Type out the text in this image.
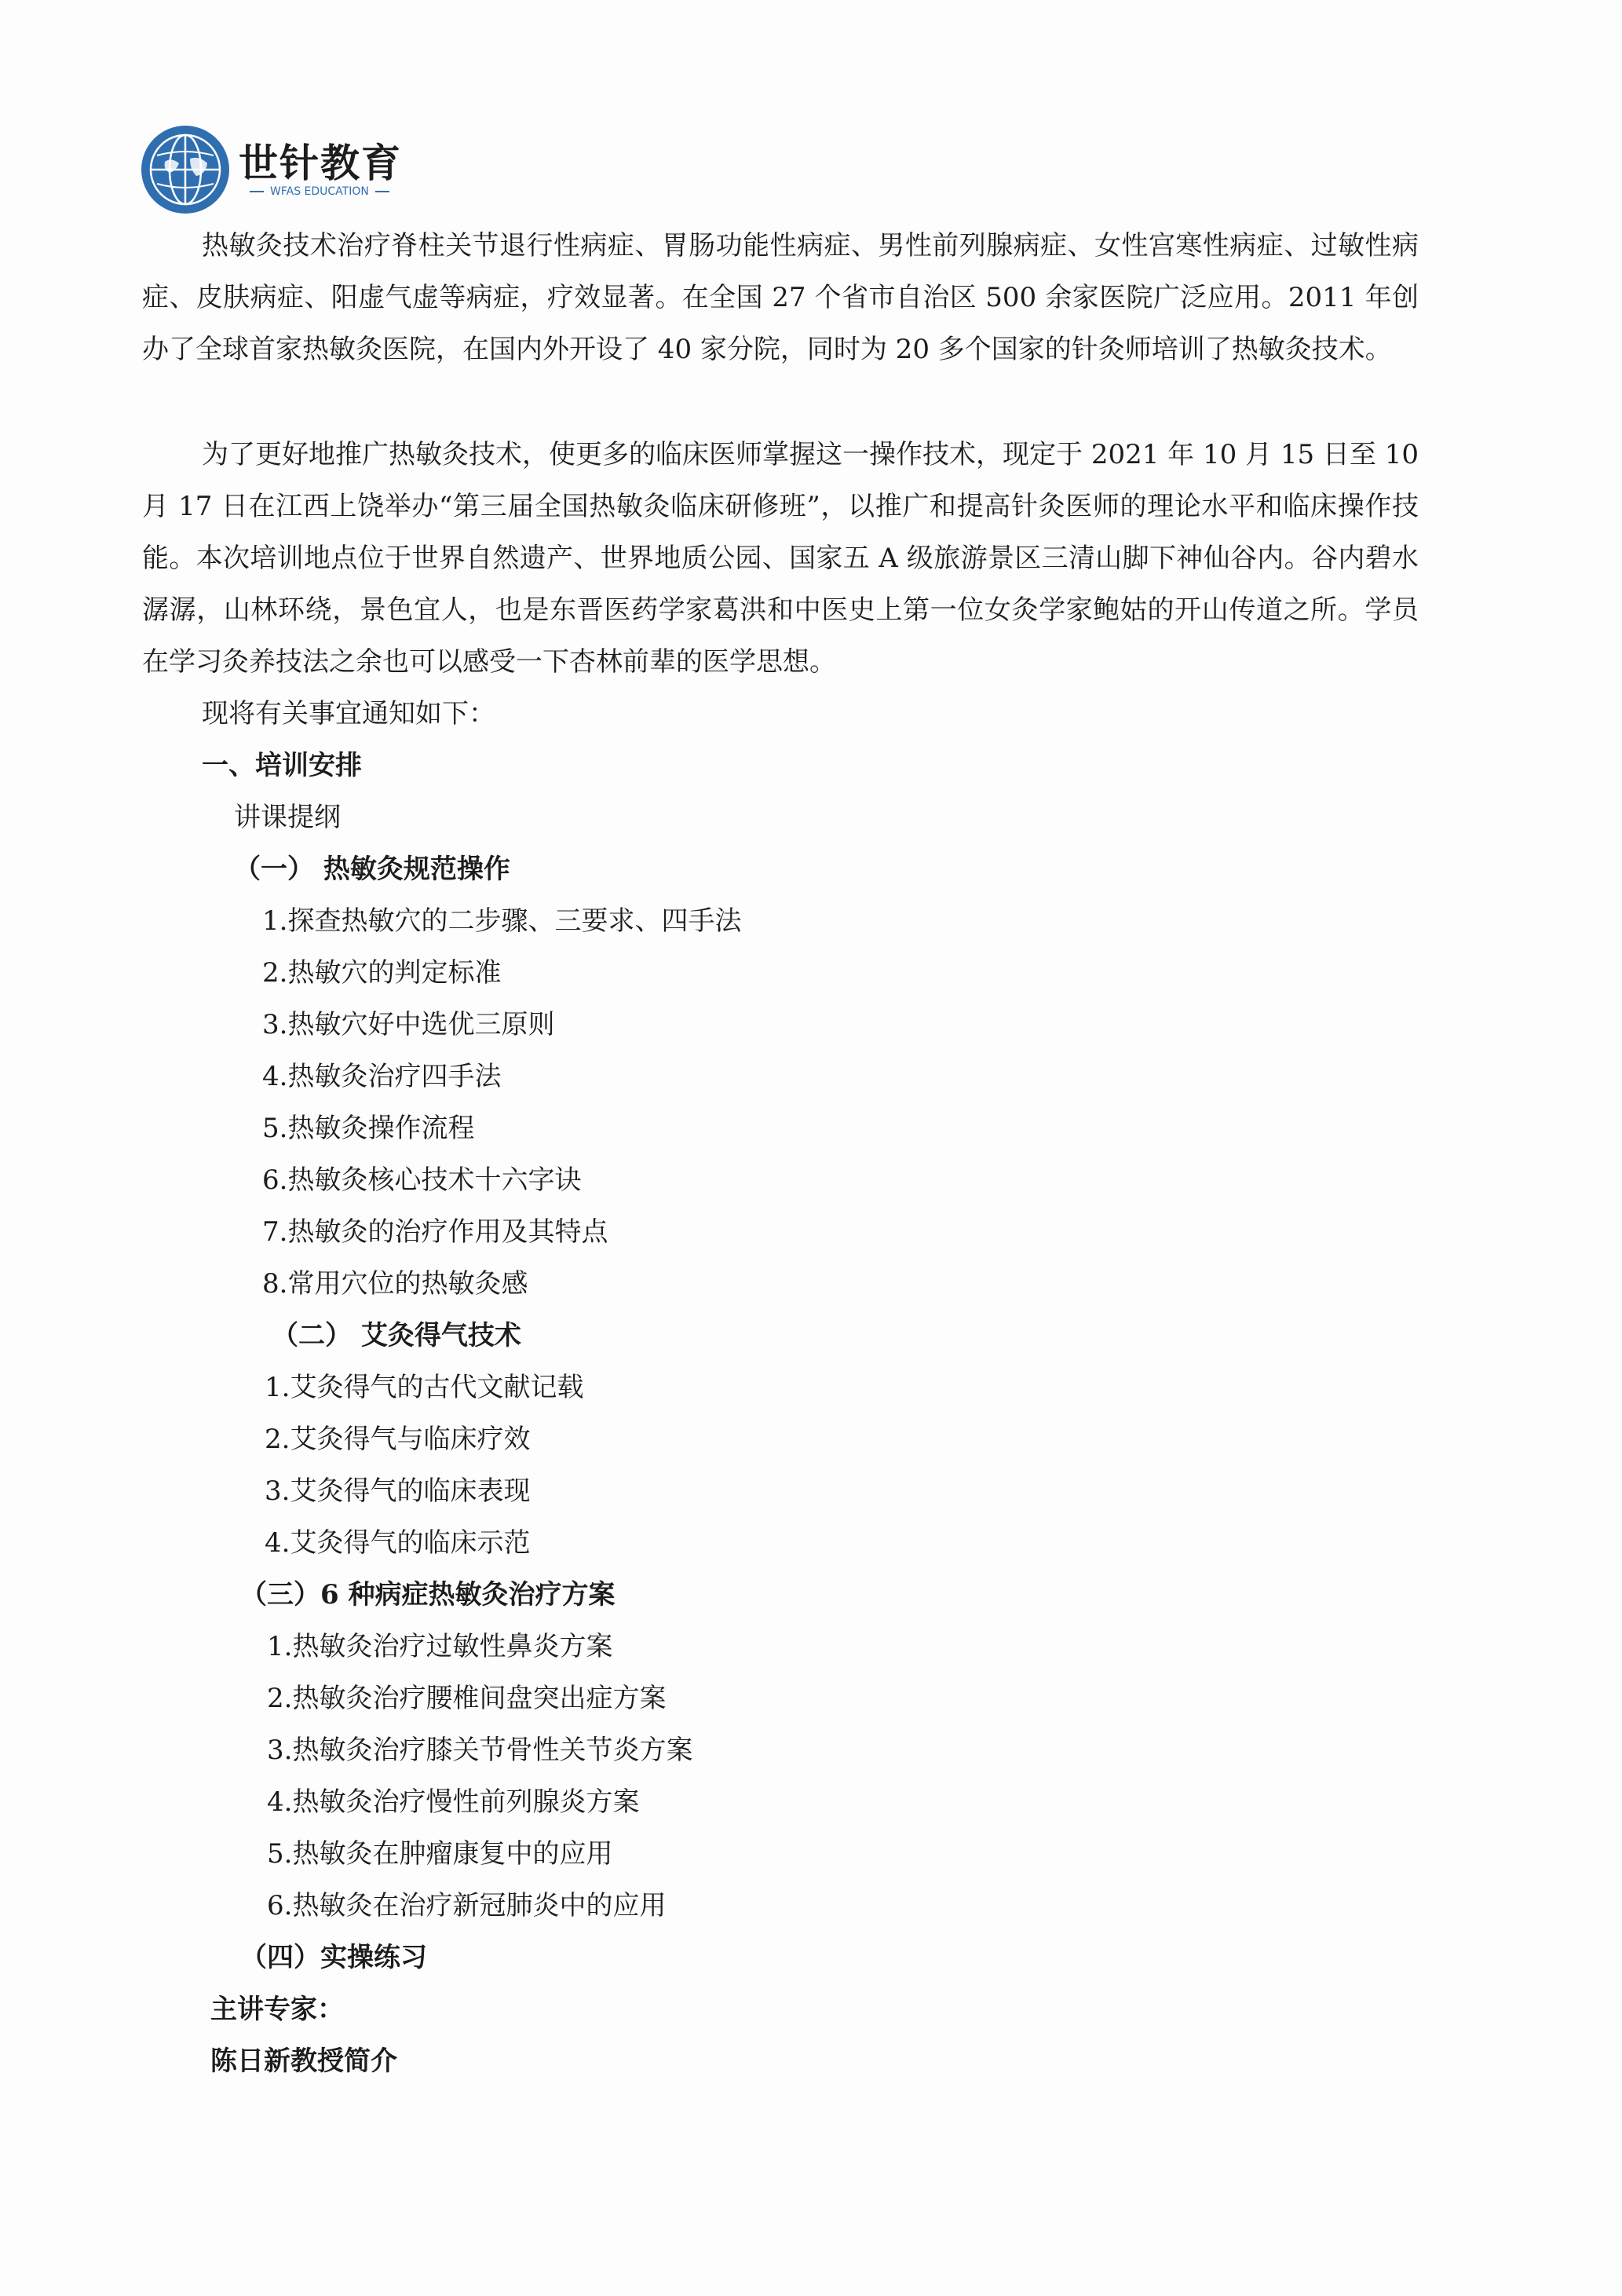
世针教育
WFAS EDUCATION

热敏灸技术治疗脊柱关节退行性病症、胃肠功能性病症、男性前列腺病症、女性宫寒性病症、过敏性病症、皮肤病症、阳虚气虚等病症，疗效显著。在全国 27 个省市自治区 500 余家医院广泛应用。2011 年创办了全球首家热敏灸医院，在国内外开设了 40 家分院，同时为 20 多个国家的针灸师培训了热敏灸技术。

为了更好地推广热敏灸技术，使更多的临床医师掌握这一操作技术，现定于 2021 年 10 月 15 日至 10 月 17 日在江西上饶举办“第三届全国热敏灸临床研修班”，以推广和提高针灸医师的理论水平和临床操作技能。本次培训地点位于世界自然遗产、世界地质公园、国家五 A 级旅游景区三清山脚下神仙谷内。谷内碧水潺潺，山林环绕，景色宜人，也是东晋医药学家葛洪和中医史上第一位女灸学家鲍姑的开山传道之所。学员在学习灸养技法之余也可以感受一下杏林前辈的医学思想。

现将有关事宜通知如下：

一、培训安排

讲课提纲

（一） 热敏灸规范操作

1.探查热敏穴的二步骤、三要求、四手法

2.热敏穴的判定标准

3.热敏穴好中选优三原则

4.热敏灸治疗四手法

5.热敏灸操作流程

6.热敏灸核心技术十六字诀

7.热敏灸的治疗作用及其特点

8.常用穴位的热敏灸感

（二） 艾灸得气技术

1.艾灸得气的古代文献记载

2.艾灸得气与临床疗效

3.艾灸得气的临床表现

4.艾灸得气的临床示范

（三）6 种病症热敏灸治疗方案

1.热敏灸治疗过敏性鼻炎方案

2.热敏灸治疗腰椎间盘突出症方案

3.热敏灸治疗膝关节骨性关节炎方案

4.热敏灸治疗慢性前列腺炎方案

5.热敏灸在肿瘤康复中的应用

6.热敏灸在治疗新冠肺炎中的应用

（四）实操练习

主讲专家：

陈日新教授简介
